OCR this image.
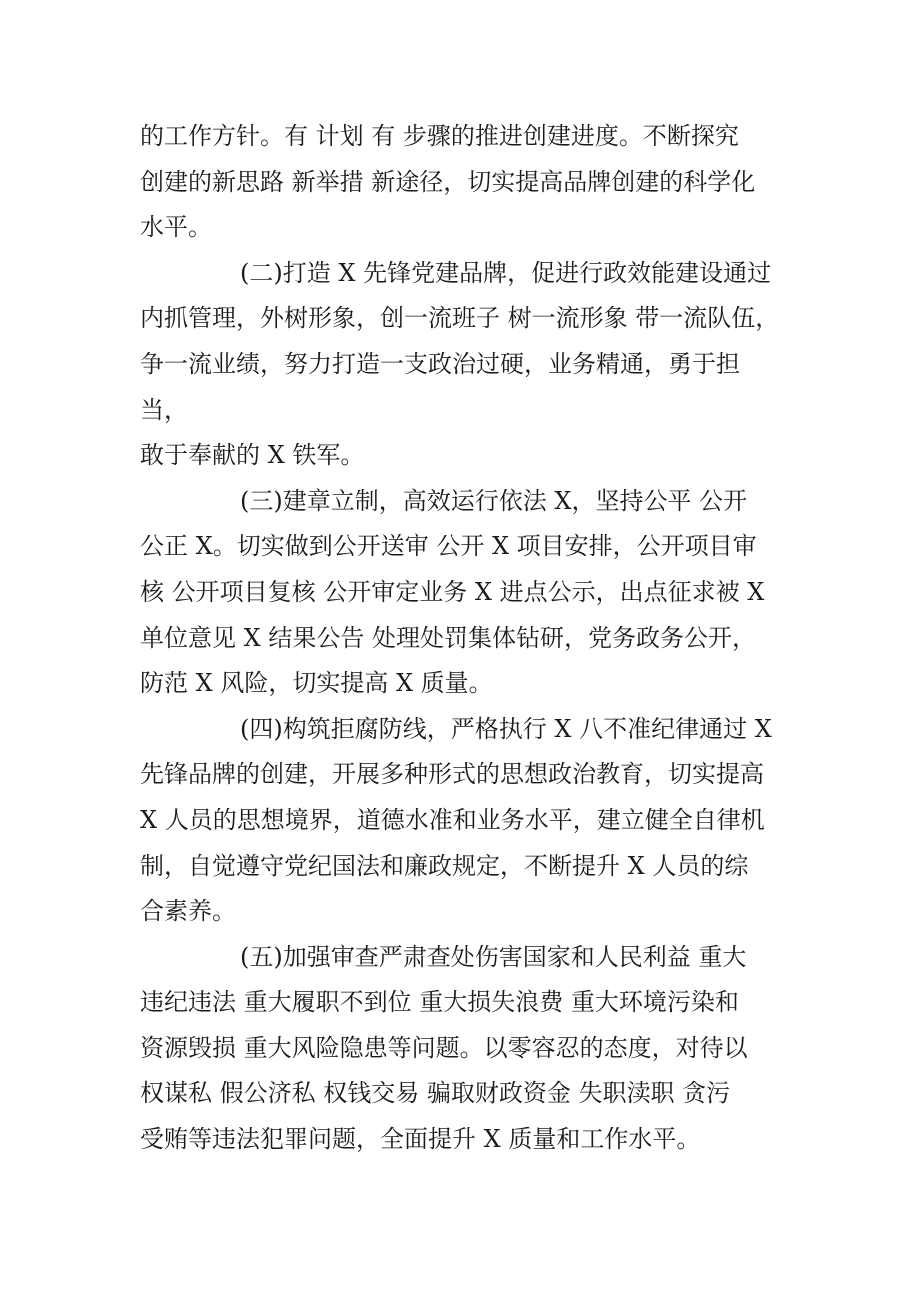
的工作方针。有 计划 有 步骤的推进创建进度。不断探究
创建的新思路 新举措 新途径，切实提高品牌创建的科学化
水平。

(二)打造 X 先锋党建品牌，促进行政效能建设通过
内抓管理，外树形象，创一流班子 树一流形象 带一流队伍，
争一流业绩，努力打造一支政治过硬，业务精通，勇于担当，
敢于奉献的 X 铁军。

(三)建章立制，高效运行依法 X，坚持公平 公开
公正 X。切实做到公开送审 公开 X 项目安排，公开项目审
核 公开项目复核 公开审定业务 X 进点公示，出点征求被 X
单位意见 X 结果公告 处理处罚集体钻研，党务政务公开，
防范 X 风险，切实提高 X 质量。

(四)构筑拒腐防线，严格执行 X 八不准纪律通过 X
先锋品牌的创建，开展多种形式的思想政治教育，切实提高
X 人员的思想境界，道德水准和业务水平，建立健全自律机
制，自觉遵守党纪国法和廉政规定，不断提升 X 人员的综
合素养。

(五)加强审查严肃查处伤害国家和人民利益 重大
违纪违法 重大履职不到位 重大损失浪费 重大环境污染和
资源毁损 重大风险隐患等问题。以零容忍的态度，对待以
权谋私 假公济私 权钱交易 骗取财政资金 失职渎职 贪污
受贿等违法犯罪问题，全面提升 X 质量和工作水平。
